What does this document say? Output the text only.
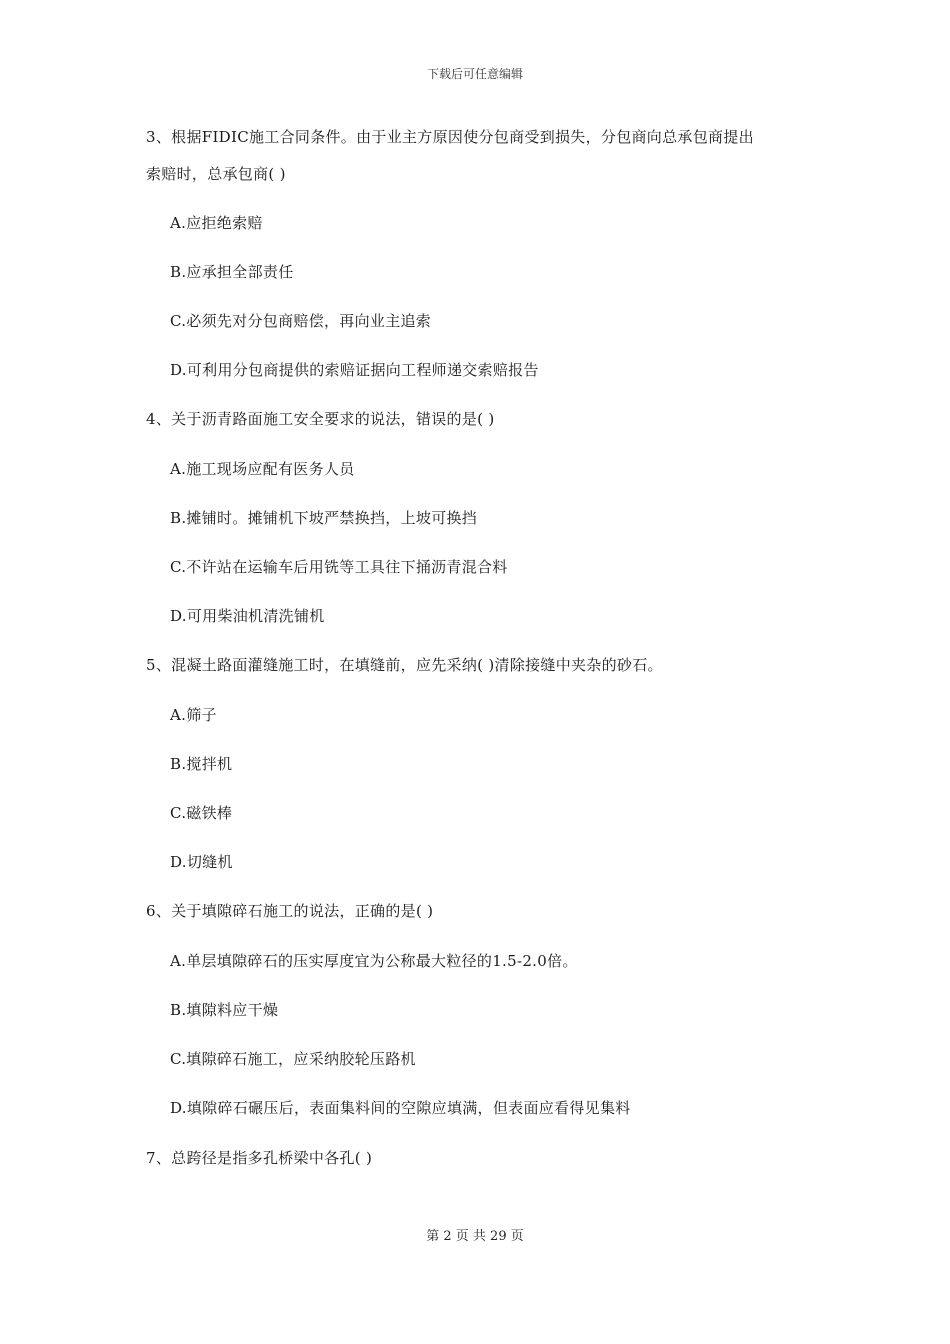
下载后可任意编辑
3、根据FIDIC施工合同条件。由于业主方原因使分包商受到损失，分包商向总承包商提出
索赔时，总承包商( )
A.应拒绝索赔
B.应承担全部责任
C.必须先对分包商赔偿，再向业主追索
D.可利用分包商提供的索赔证据向工程师递交索赔报告
4、关于沥青路面施工安全要求的说法，错误的是( )
A.施工现场应配有医务人员
B.摊铺时。摊铺机下坡严禁换挡，上坡可换挡
C.不许站在运输车后用铣等工具往下捅沥青混合料
D.可用柴油机清洗铺机
5、混凝土路面灌缝施工时，在填缝前，应先采纳( )清除接缝中夹杂的砂石。
A.筛子
B.搅拌机
C.磁铁棒
D.切缝机
6、关于填隙碎石施工的说法，正确的是( )
A.单层填隙碎石的压实厚度宜为公称最大粒径的1.5-2.0倍。
B.填隙料应干燥
C.填隙碎石施工，应采纳胶轮压路机
D.填隙碎石碾压后，表面集料间的空隙应填满，但表面应看得见集料
7、总跨径是指多孔桥梁中各孔( )
第 2 页 共 29 页
